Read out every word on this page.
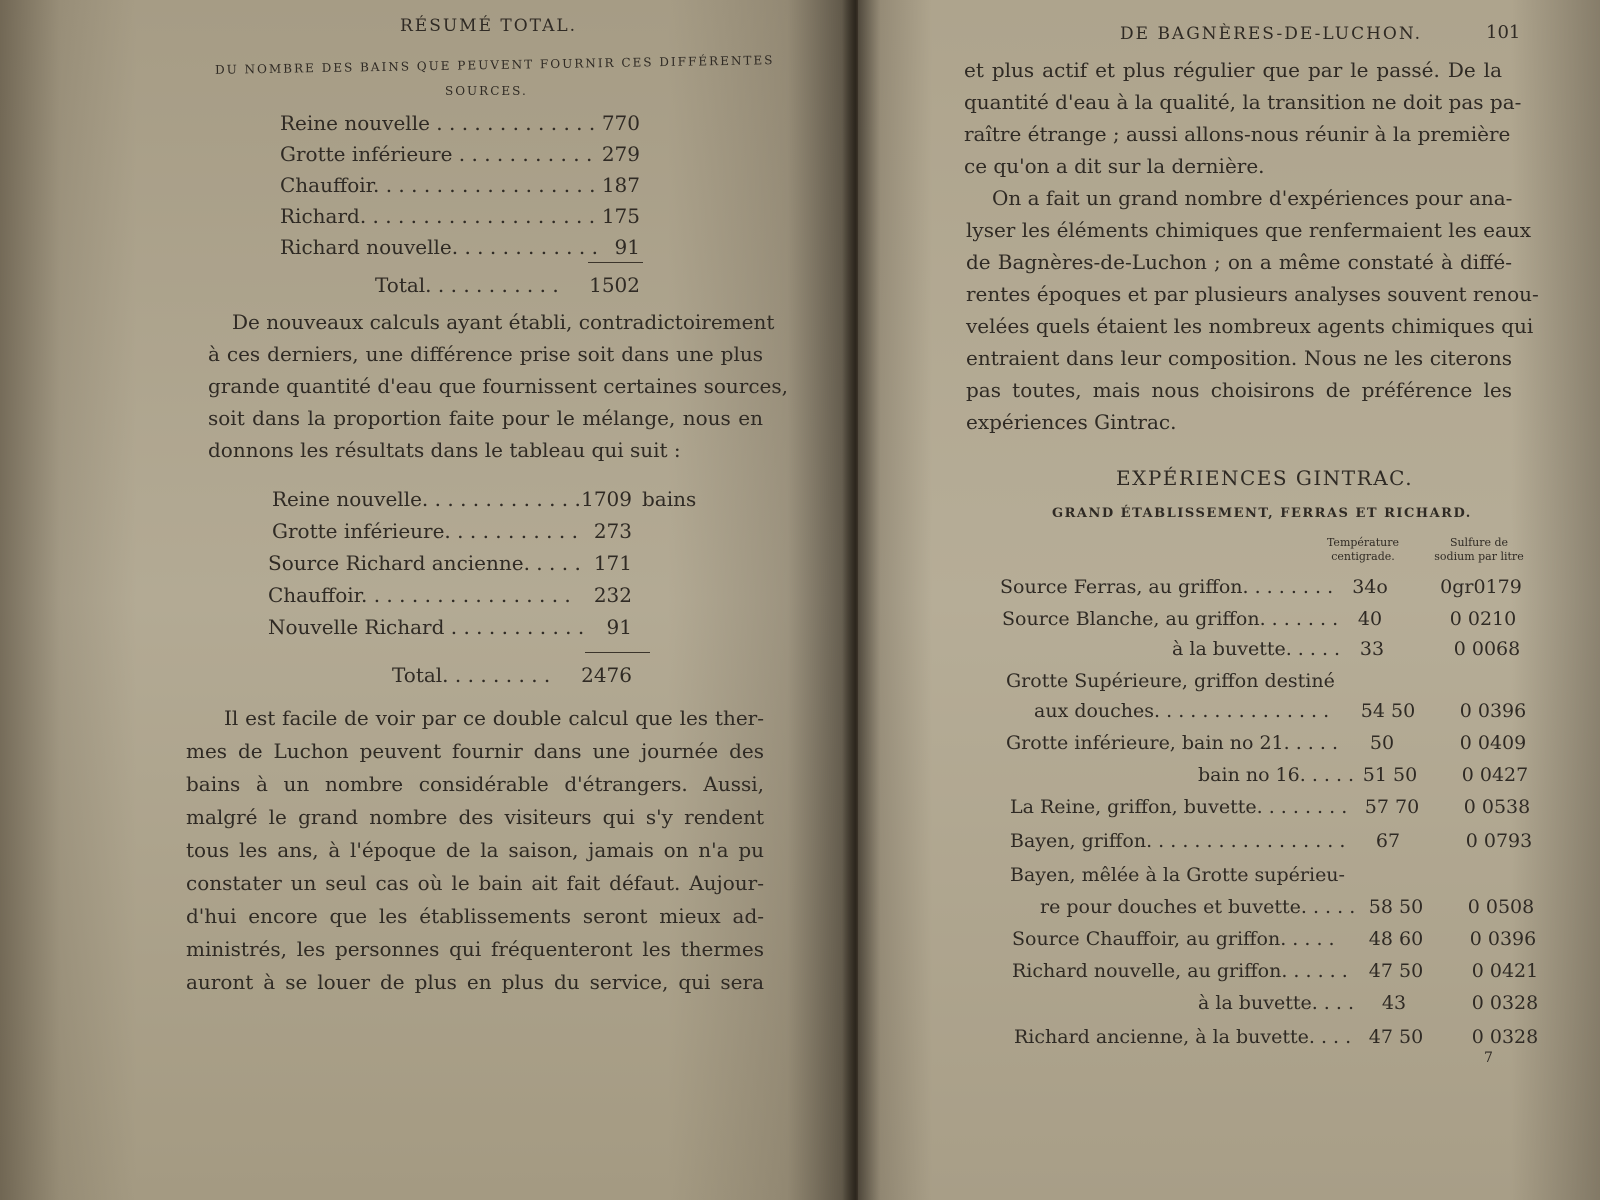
RÉSUMÉ TOTAL.
DU NOMBRE DES BAINS QUE PEUVENT FOURNIR CES DIFFÉRENTES
SOURCES.
Reine nouvelle . . . . . . . . . . . . . 770
Grotte inférieure . . . . . . . . . . . 279
Chauffoir. . . . . . . . . . . . . . . . . . 187
Richard. . . . . . . . . . . . . . . . . . . 175
Richard nouvelle. . . . . . . . . . . . 91
Total. . . . . . . . . . .	1502
De nouveaux calculs ayant établi, contradictoirement
à ces derniers, une différence prise soit dans une plus
grande quantité d'eau que fournissent certaines sources,
soit dans la proportion faite pour le mélange, nous en
donnons les résultats dans le tableau qui suit :
Reine nouvelle. . . . . . . . . . . . . 1709 bains
Grotte inférieure. . . . . . . . . . . 273
Source Richard ancienne. . . . . 171
Chauffoir. . . . . . . . . . . . . . . . .	232
Nouvelle Richard . . . . . . . . . . .	91
Total. . . . . . . . .	2476
Il est facile de voir par ce double calcul que les ther-
mes de Luchon peuvent fournir dans une journée des
bains à un nombre considérable d'étrangers. Aussi,
malgré le grand nombre des visiteurs qui s'y rendent
tous les ans, à l'époque de la saison, jamais on n'a pu
constater un seul cas où le bain ait fait défaut. Aujour-
d'hui encore que les établissements seront mieux ad-
ministrés, les personnes qui fréquenteront les thermes
auront à se louer de plus en plus du service, qui sera
DE BAGNÈRES-DE-LUCHON.	101
et plus actif et plus régulier que par le passé. De la
quantité d'eau à la qualité, la transition ne doit pas pa-
raître étrange ; aussi allons-nous réunir à la première
ce qu'on a dit sur la dernière.
On a fait un grand nombre d'expériences pour ana-
lyser les éléments chimiques que renfermaient les eaux
de Bagnères-de-Luchon ; on a même constaté à diffé-
rentes époques et par plusieurs analyses souvent renou-
velées quels étaient les nombreux agents chimiques qui
entraient dans leur composition. Nous ne les citerons
pas toutes, mais nous choisirons de préférence les
expériences Gintrac.
EXPÉRIENCES GINTRAC.
GRAND ÉTABLISSEMENT, FERRAS ET RICHARD.
Température
centigrade.
Sulfure de
sodium par litre
Source Ferras, au griffon. . . . . . . .	34o	0gr0179
Source Blanche, au griffon. . . . . . .	40	0 0210
à la buvette. . . . .	33	0 0068
Grotte Supérieure, griffon destiné
aux douches. . . . . . . . . . . . . . .	54 50	0 0396
Grotte inférieure, bain no 21. . . . .	50	0 0409
bain no 16. . . . . 51 50	0 0427
La Reine, griffon, buvette. . . . . . . . 57 70	0 0538
Bayen, griffon. . . . . . . . . . . . . . . . .	67	0 0793
Bayen, mêlée à la Grotte supérieu-
re pour douches et buvette. . . . . 58 50	0 0508
Source Chauffoir, au griffon. . . . .	48 60	0 0396
Richard nouvelle, au griffon. . . . . .	47 50	0 0421
à la buvette. . . .	43	0 0328
Richard ancienne, à la buvette. . . . 47 50	0 0328
7
